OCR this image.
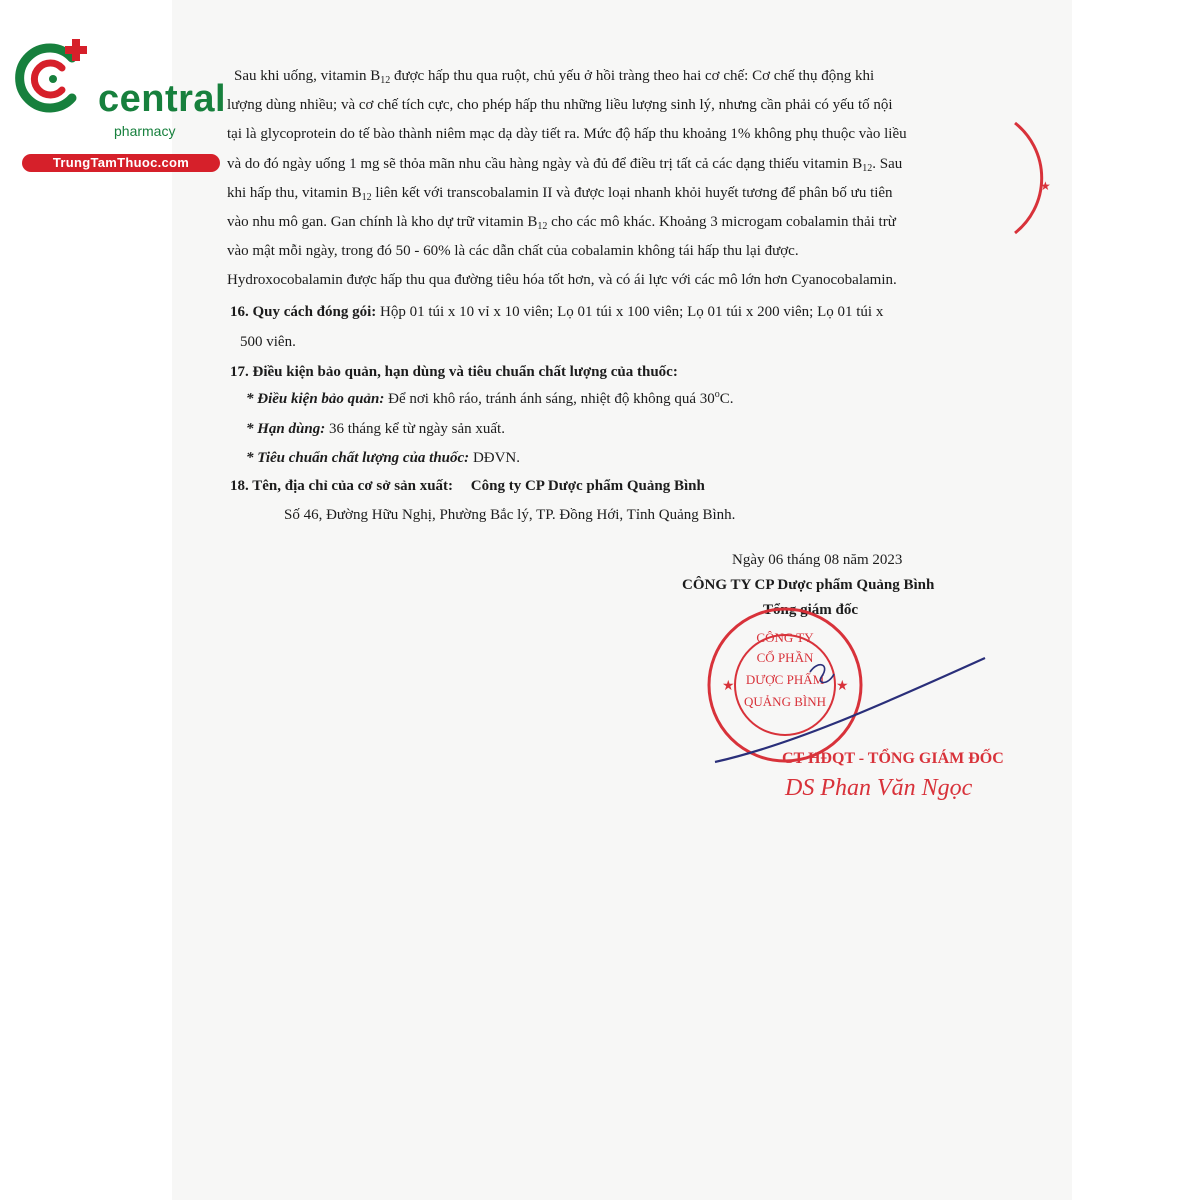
central
pharmacy
TrungTamThuoc.com
Sau khi uống, vitamin $B_{12}$ được hấp thu qua ruột, chủ yếu ở hồi tràng theo hai cơ chế: Cơ chế thụ động khi
lượng dùng nhiều; và cơ chế tích cực, cho phép hấp thu những liều lượng sinh lý, nhưng cần phải có yếu tố nội
tại là glycoprotein do tế bào thành niêm mạc dạ dày tiết ra. Mức độ hấp thu khoảng 1% không phụ thuộc vào liều
và do đó ngày uống 1 mg sẽ thỏa mãn nhu cầu hàng ngày và đủ để điều trị tất cả các dạng thiếu vitamin $B_{12}$. Sau
khi hấp thu, vitamin $B_{12}$ liên kết với transcobalamin II và được loại nhanh khỏi huyết tương để phân bố ưu tiên
vào nhu mô gan. Gan chính là kho dự trữ vitamin $B_{12}$ cho các mô khác. Khoảng 3 microgam cobalamin thải trừ
vào mật mỗi ngày, trong đó 50 - 60% là các dẫn chất của cobalamin không tái hấp thu lại được.
Hydroxocobalamin được hấp thu qua đường tiêu hóa tốt hơn, và có ái lực với các mô lớn hơn Cyanocobalamin.
16. Quy cách đóng gói: Hộp 01 túi x 10 vỉ x 10 viên; Lọ 01 túi x 100 viên; Lọ 01 túi x 200 viên; Lọ 01 túi x
500 viên.
17. Điều kiện bảo quản, hạn dùng và tiêu chuẩn chất lượng của thuốc:
* Điều kiện bảo quản: Để nơi khô ráo, tránh ánh sáng, nhiệt độ không quá 30$^o$C.
* Hạn dùng: 36 tháng kể từ ngày sản xuất.
* Tiêu chuẩn chất lượng của thuốc: DĐVN.
18. Tên, địa chỉ của cơ sở sản xuất: Công ty CP Dược phẩm Quảng Bình
Số 46, Đường Hữu Nghị, Phường Bắc lý, TP. Đồng Hới, Tỉnh Quảng Bình.
Ngày 06 tháng 08 năm 2023
CÔNG TY CP Dược phẩm Quảng Bình
Tổng giám đốc
★	★
CÔNG TY
CỔ PHẦN
DƯỢC PHẨM
QUẢNG BÌNH
CT HĐQT - TỔNG GIÁM ĐỐC
DS Phan Văn Ngọc
★
